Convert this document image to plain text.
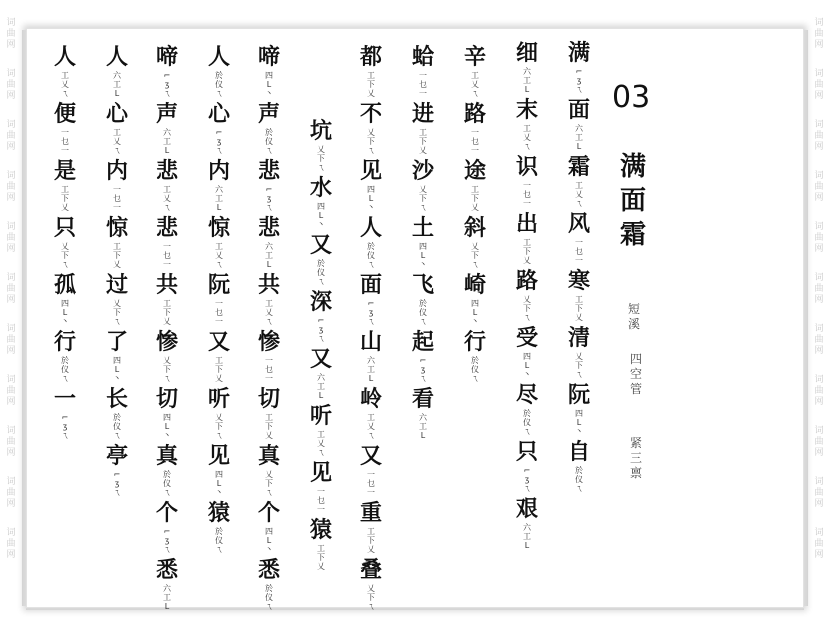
词
曲
网
词
曲
网
词
曲
网
词
曲
网
词
曲
网
词
曲
网
词
曲
网
词
曲
网
词
曲
网
词
曲
网
词
曲
网
词
曲
网
词
曲
网
词
曲
网
词
曲
网
词
曲
网
词
曲
网
词
曲
网
词
曲
网
词
曲
网
词
曲
网
词
曲
网
03
满
面
霜
短
溪
四
空
管
紧
三
禀
满
⌐
ʒ
ㄟ
面
六
工
L
霜
工
乂
ㄟ
风
一
乜
一
寒
工
下
乂
清
乂
下
ㄟ
阮
四
L
丶
自
於
仪
ㄟ
细
六
工
L
末
工
乂
ㄟ
识
一
乜
一
出
工
下
乂
路
乂
下
ㄟ
受
四
L
丶
尽
於
仪
ㄟ
只
⌐
ʒ
ㄟ
艰
六
工
L
辛
工
乂
ㄟ
路
一
乜
一
途
工
下
乂
斜
乂
下
ㄟ
崎
四
L
丶
行
於
仪
ㄟ
蛤
一
乜
一
进
工
下
乂
沙
乂
下
ㄟ
土
四
L
丶
飞
於
仪
ㄟ
起
⌐
ʒ
ㄟ
看
六
工
L
都
工
下
乂
不
乂
下
ㄟ
见
四
L
丶
人
於
仪
ㄟ
面
⌐
ʒ
ㄟ
山
六
工
L
岭
工
乂
ㄟ
又
一
乜
一
重
工
下
乂
叠
乂
下
ㄟ
坑
乂
下
ㄟ
水
四
L
丶
又
於
仪
ㄟ
深
⌐
ʒ
ㄟ
又
六
工
L
听
工
乂
ㄟ
见
一
乜
一
猿
工
下
乂
啼
四
L
丶
声
於
仪
ㄟ
悲
⌐
ʒ
ㄟ
悲
六
工
L
共
工
乂
ㄟ
惨
一
乜
一
切
工
下
乂
真
乂
下
ㄟ
个
四
L
丶
悉
於
仪
ㄟ
人
於
仪
ㄟ
心
⌐
ʒ
ㄟ
内
六
工
L
惊
工
乂
ㄟ
阮
一
乜
一
又
工
下
乂
听
乂
下
ㄟ
见
四
L
丶
猿
於
仪
ㄟ
啼
⌐
ʒ
ㄟ
声
六
工
L
悲
工
乂
ㄟ
悲
一
乜
一
共
工
下
乂
惨
乂
下
ㄟ
切
四
L
丶
真
於
仪
ㄟ
个
⌐
ʒ
ㄟ
悉
六
工
L
人
六
工
L
心
工
乂
ㄟ
内
一
乜
一
惊
工
下
乂
过
乂
下
ㄟ
了
四
L
丶
长
於
仪
ㄟ
亭
⌐
ʒ
ㄟ
人
工
乂
ㄟ
便
一
乜
一
是
工
下
乂
只
乂
下
ㄟ
孤
四
L
丶
行
於
仪
ㄟ
一
⌐
ʒ
ㄟ
